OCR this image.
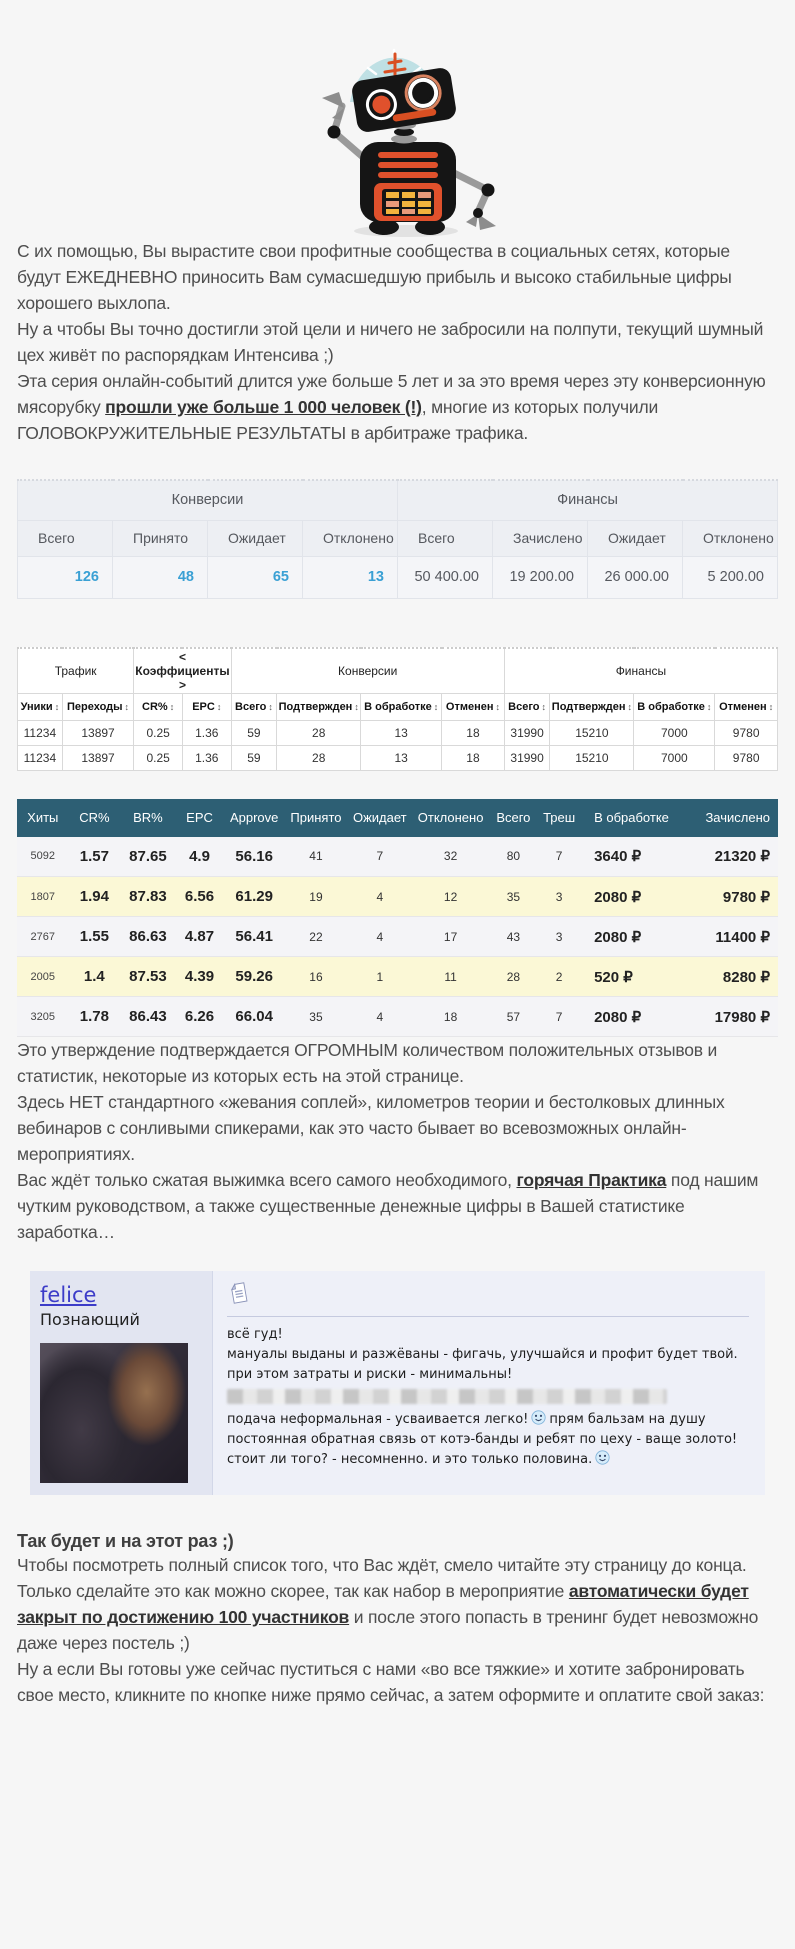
С их помощью, Вы вырастите свои профитные сообщества в социальных сетях, которые будут ЕЖЕДНЕВНО приносить Вам сумасшедшую прибыль и высоко стабильные цифры хорошего выхлопа.

Ну а чтобы Вы точно достигли этой цели и ничего не забросили на полпути, текущий шумный цех живёт по распорядкам Интенсива ;)

Эта серия онлайн-событий длится уже больше 5 лет и за это время через эту конверсионную мясорубку прошли уже больше 1 000 человек (!), многие из которых получили ГОЛОВОКРУЖИТЕЛЬНЫЕ РЕЗУЛЬТАТЫ в арбитраже трафика.

Конверсии				Финансы			
Всего	Принято	Ожидает	Отклонено	Всего	Зачислено	Ожидает	Отклонено
126	48	65	13	50 400.00	19 200.00	26 000.00	5 200.00
Трафик		< Коэффициенты >		Конверсии				Финансы			
Уники ↕	Переходы ↕	CR% ↕	EPC ↕	Всего ↕	Подтвержден ↕	В обработке ↕	Отменен ↕	Всего ↕	Подтвержден ↕	В обработке ↕	Отменен ↕
11234	13897	0.25	1.36	59	28	13	18	31990	15210	7000	9780
11234	13897	0.25	1.36	59	28	13	18	31990	15210	7000	9780
Хиты	CR%	BR%	EPC	Approve	Принято	Ожидает	Отклонено	Всего	Треш	В обработке	Зачислено
5092	1.57	87.65	4.9	56.16	41	7	32	80	7	3640 ₽	21320 ₽
1807	1.94	87.83	6.56	61.29	19	4	12	35	3	2080 ₽	9780 ₽
2767	1.55	86.63	4.87	56.41	22	4	17	43	3	2080 ₽	11400 ₽
2005	1.4	87.53	4.39	59.26	16	1	11	28	2	520 ₽	8280 ₽
3205	1.78	86.43	6.26	66.04	35	4	18	57	7	2080 ₽	17980 ₽

Это утверждение подтверждается ОГРОМНЫМ количеством положительных отзывов и статистик, некоторые из которых есть на этой странице.

Здесь НЕТ стандартного «жевания соплей», километров теории и бестолковых длинных вебинаров с сонливыми спикерами, как это часто бывает во всевозможных онлайн-мероприятиях.

Вас ждёт только сжатая выжимка всего самого необходимого, горячая Практика под нашим чутким руководством, а также существенные денежные цифры в Вашей статистике заработка…

felice
Познающий

всё гуд!

мануалы выданы и разжёваны - фигачь, улучшайся и профит будет твой. при этом затраты и риски - минимальны!

подача неформальная - усваивается легко! прям бальзам на душу

постоянная обратная связь от котэ-банды и ребят по цеху - ваще золото!

стоит ли того? - несомненно. и это только половина.

Так будет и на этот раз ;)

Чтобы посмотреть полный список того, что Вас ждёт, смело читайте эту страницу до конца.

Только сделайте это как можно скорее, так как набор в мероприятие автоматически будет закрыт по достижению 100 участников и после этого попасть в тренинг будет невозможно даже через постель ;)

Ну а если Вы готовы уже сейчас пуститься с нами «во все тяжкие» и хотите забронировать свое место, кликните по кнопке ниже прямо сейчас, а затем оформите и оплатите свой заказ:
